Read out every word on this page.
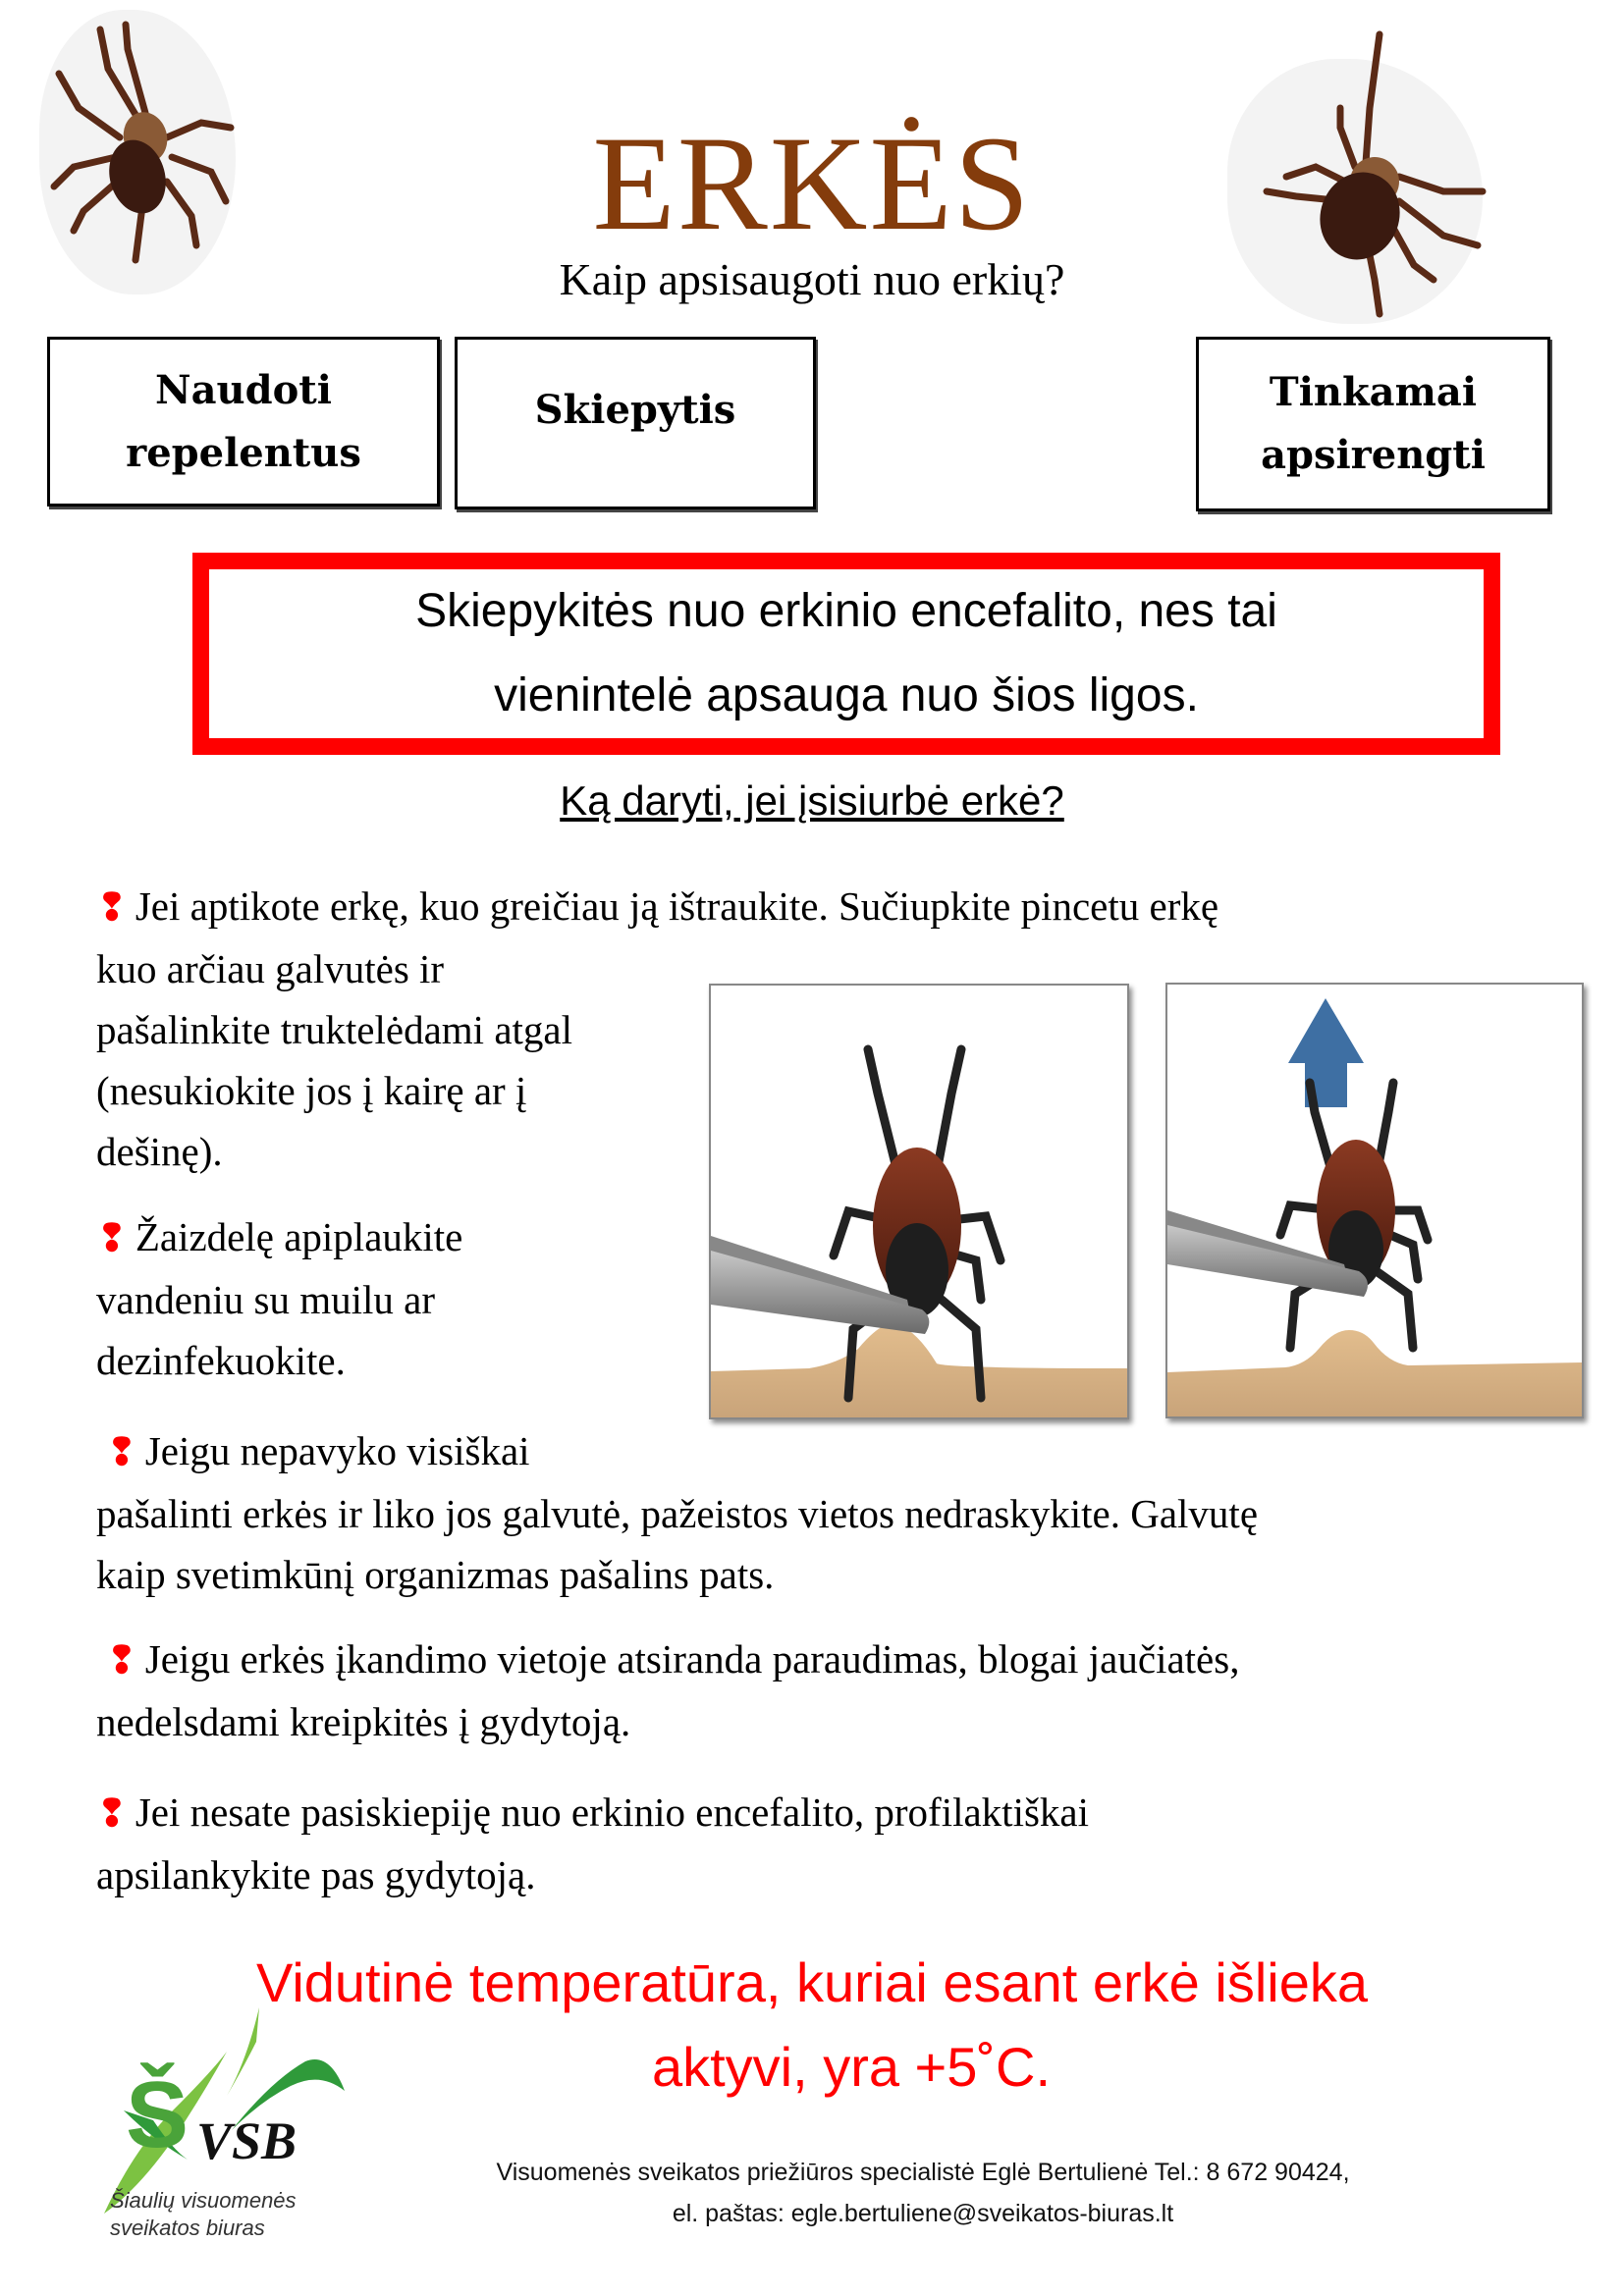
ERKĖS
Kaip apsisaugoti nuo erkių?
Naudoti
repelentus
Skiepytis	Tinkamai
apsirengti
Skiepykitės nuo erkinio encefalito, nes tai
vienintelė apsauga nuo šios ligos.
Ką daryti, jei įsisiurbė erkė?
❢ Jei aptikote erkę, kuo greičiau ją ištraukite. Sučiupkite pincetu erkę
kuo arčiau galvutės ir
pašalinkite truktelėdami atgal
(nesukiokite jos į kairę ar į
dešinę).
❢ Žaizdelę apiplaukite
vandeniu su muilu ar
dezinfekuokite.
❢ Jeigu nepavyko visiškai
pašalinti erkės ir liko jos galvutė, pažeistos vietos nedraskykite. Galvutę
kaip svetimkūnį organizmas pašalins pats.
❢ Jeigu erkės įkandimo vietoje atsiranda paraudimas, blogai jaučiatės,
nedelsdami kreipkitės į gydytoją.
❢ Jei nesate pasiskiepiję nuo erkinio encefalito, profilaktiškai
apsilankykite pas gydytoją.
Vidutinė temperatūra, kuriai esant erkė išlieka
aktyvi, yra +5˚C.
Š VSB
Šiaulių visuomenės
sveikatos biuras
Visuomenės sveikatos priežiūros specialistė Eglė Bertulienė Tel.: 8 672 90424,
el. paštas: egle.bertuliene@sveikatos-biuras.lt
